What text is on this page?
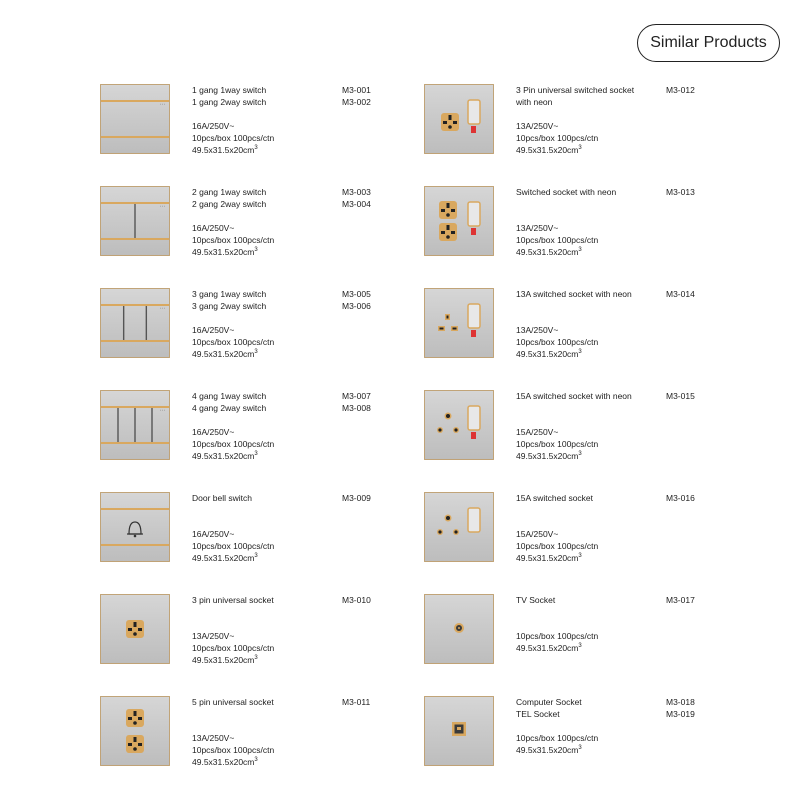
Similar Products
• • •
1 gang 1way switch
1 gang 2way switch
16A/250V~
10pcs/box 100pcs/ctn
$49.5x31.5x20cm^3$
M3-001
M3-002
• • •
2 gang 1way switch
2 gang 2way switch
16A/250V~
10pcs/box 100pcs/ctn
$49.5x31.5x20cm^3$
M3-003
M3-004
• • •
3 gang 1way switch
3 gang 2way switch
16A/250V~
10pcs/box 100pcs/ctn
$49.5x31.5x20cm^3$
M3-005
M3-006
• • •
4 gang 1way switch
4 gang 2way switch
16A/250V~
10pcs/box 100pcs/ctn
$49.5x31.5x20cm^3$
M3-007
M3-008
Door bell switch
16A/250V~
10pcs/box 100pcs/ctn
$49.5x31.5x20cm^3$
M3-009
3 pin universal socket
13A/250V~
10pcs/box 100pcs/ctn
$49.5x31.5x20cm^3$
M3-010
5 pin universal socket
13A/250V~
10pcs/box 100pcs/ctn
$49.5x31.5x20cm^3$
M3-011
3 Pin universal switched socket
with neon
13A/250V~
10pcs/box 100pcs/ctn
$49.5x31.5x20cm^3$
M3-012
Switched socket with neon
13A/250V~
10pcs/box 100pcs/ctn
$49.5x31.5x20cm^3$
M3-013
13A switched socket with neon
13A/250V~
10pcs/box 100pcs/ctn
$49.5x31.5x20cm^3$
M3-014
15A switched socket with neon
15A/250V~
10pcs/box 100pcs/ctn
$49.5x31.5x20cm^3$
M3-015
15A switched socket
15A/250V~
10pcs/box 100pcs/ctn
$49.5x31.5x20cm^3$
M3-016
TV Socket
10pcs/box 100pcs/ctn
$49.5x31.5x20cm^3$
M3-017
Computer Socket
TEL Socket
10pcs/box 100pcs/ctn
$49.5x31.5x20cm^3$
M3-018
M3-019
